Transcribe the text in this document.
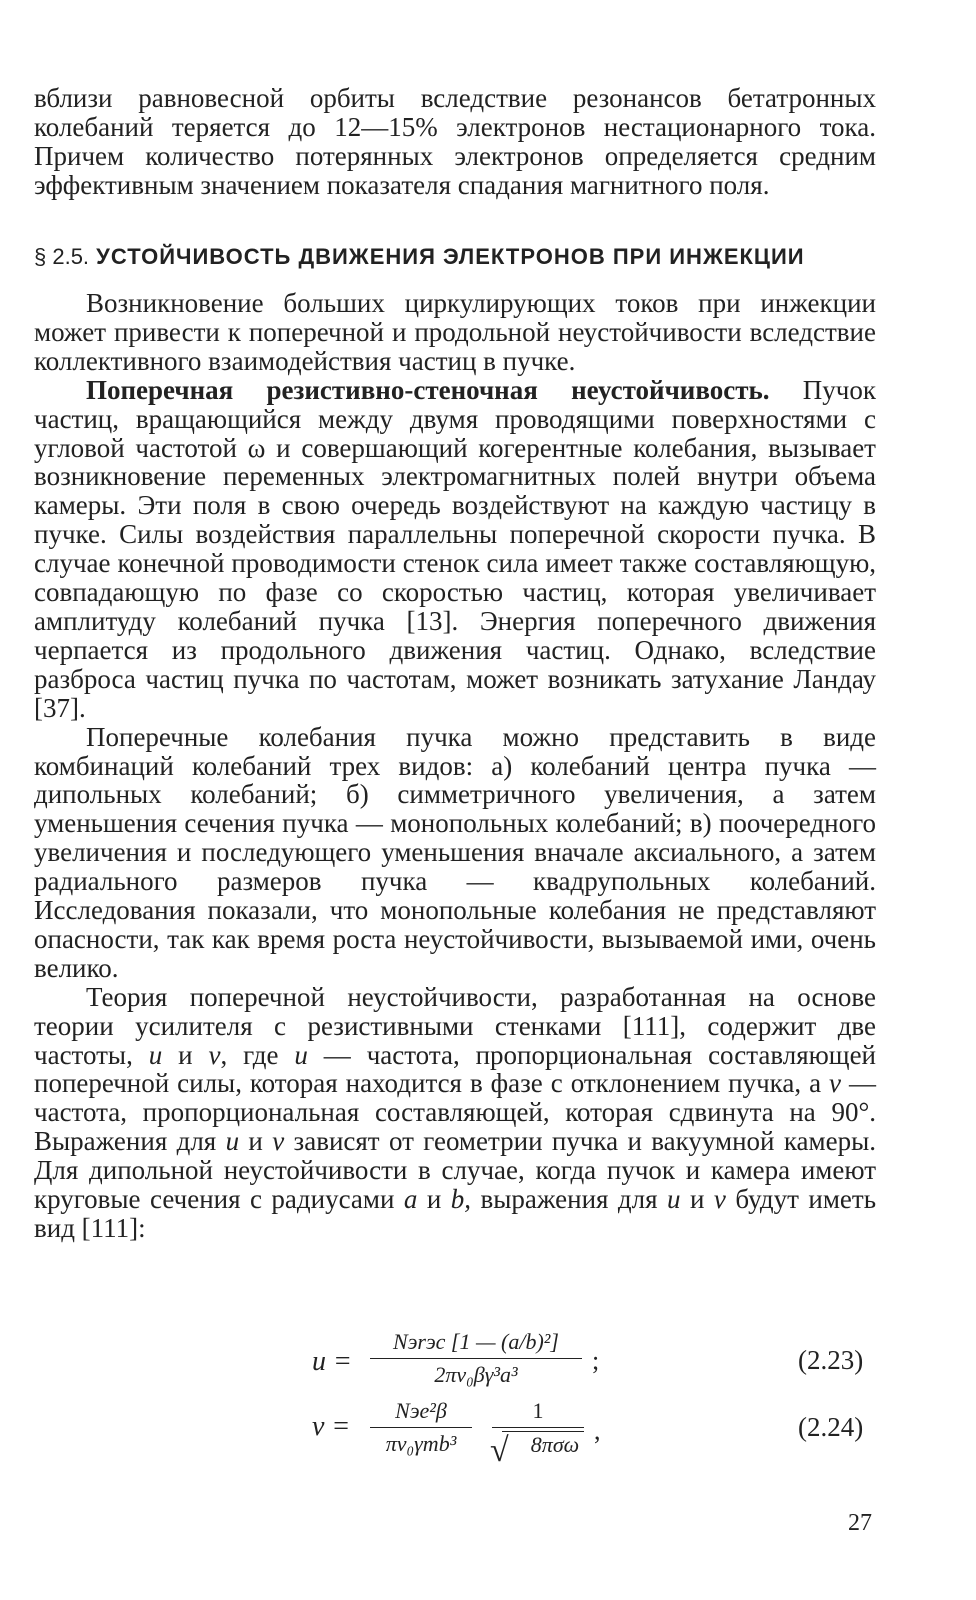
вблизи равновесной орбиты вследствие резонансов бетатронных колебаний теряется до 12—15% электронов нестационарного тока. Причем количество потерянных электронов определяется средним эффективным значением показателя спадания магнитного поля.

§ 2.5. УСТОЙЧИВОСТЬ ДВИЖЕНИЯ ЭЛЕКТРОНОВ ПРИ ИНЖЕКЦИИ

Возникновение больших циркулирующих токов при инжекции может привести к поперечной и продольной неустойчивости вследствие коллективного взаимодействия частиц в пучке.

Поперечная резистивно-стеночная неустойчивость. Пучок частиц, вращающийся между двумя проводящими поверхностями с угловой частотой ω и совершающий когерентные колебания, вызывает возникновение переменных электромагнитных полей внутри объема камеры. Эти поля в свою очередь воздействуют на каждую частицу в пучке. Силы воздействия параллельны поперечной скорости пучка. В случае конечной проводимости стенок сила имеет также составляющую, совпадающую по фазе со скоростью частиц, которая увеличивает амплитуду колебаний пучка [13]. Энергия поперечного движения черпается из продольного движения частиц. Однако, вследствие разброса частиц пучка по частотам, может возникать затухание Ландау [37].

Поперечные колебания пучка можно представить в виде комбинаций колебаний трех видов: а) колебаний центра пучка — дипольных колебаний; б) симметричного увеличения, а затем уменьшения сечения пучка — монопольных колебаний; в) поочередного увеличения и последующего уменьшения вначале аксиального, а затем радиального размеров пучка — квадрупольных колебаний. Исследования показали, что монопольные колебания не представляют опасности, так как время роста неустойчивости, вызываемой ими, очень велико.

Теория поперечной неустойчивости, разработанная на основе теории усилителя с резистивными стенками [111], содержит две частоты, u и v, где u — частота, пропорциональная составляющей поперечной силы, которая находится в фазе с отклонением пучка, а v — частота, пропорциональная составляющей, которая сдвинута на 90°. Выражения для u и v зависят от геометрии пучка и вакуумной камеры. Для дипольной неустойчивости в случае, когда пучок и камера имеют круговые сечения с радиусами a и b, выражения для u и v будут иметь вид [111]:

u =
Nэrэc [1 — (a/b)²]
2πν₀βγ³a³	;	(2.23)
v =
Nэe²β
πν₀γmb³
1
8πσω
√
,	(2.24)
27
